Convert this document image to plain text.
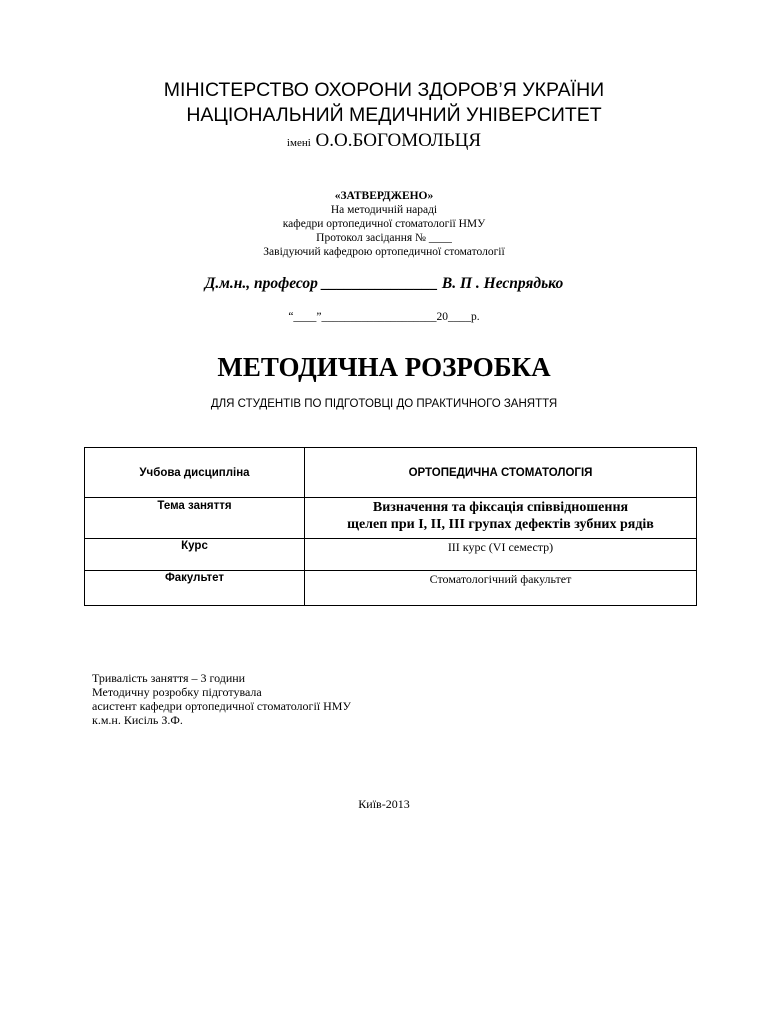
МІНІСТЕРСТВО ОХОРОНИ ЗДОРОВ’Я УКРАЇНИ
НАЦІОНАЛЬНИЙ МЕДИЧНИЙ УНІВЕРСИТЕТ
імені О.О.БОГОМОЛЬЦЯ
«ЗАТВЕРДЖЕНО»
На методичній нараді
кафедри ортопедичної стоматології НМУ
Протокол засідання № ____
Завідуючий кафедрою ортопедичної стоматології
Д.м.н., професор _______________ В. П . Неспрядько
“____”____________________20____р.
МЕТОДИЧНА РОЗРОБКА
ДЛЯ СТУДЕНТІВ ПО ПІДГОТОВЦІ ДО ПРАКТИЧНОГО ЗАНЯТТЯ
Учбова дисципліна	ОРТОПЕДИЧНА СТОМАТОЛОГІЯ
Тема заняття	Визначення та фіксація співвідношення
щелеп при І, ІІ, ІІІ групах дефектів зубних рядів

Курс	ІІІ курс (VI семестр)
Факультет	Стоматологічний факультет
Тривалість заняття – 3 години
Методичну розробку підготувала
асистент кафедри ортопедичної стоматології НМУ
к.м.н. Кисіль З.Ф.
Київ-2013
